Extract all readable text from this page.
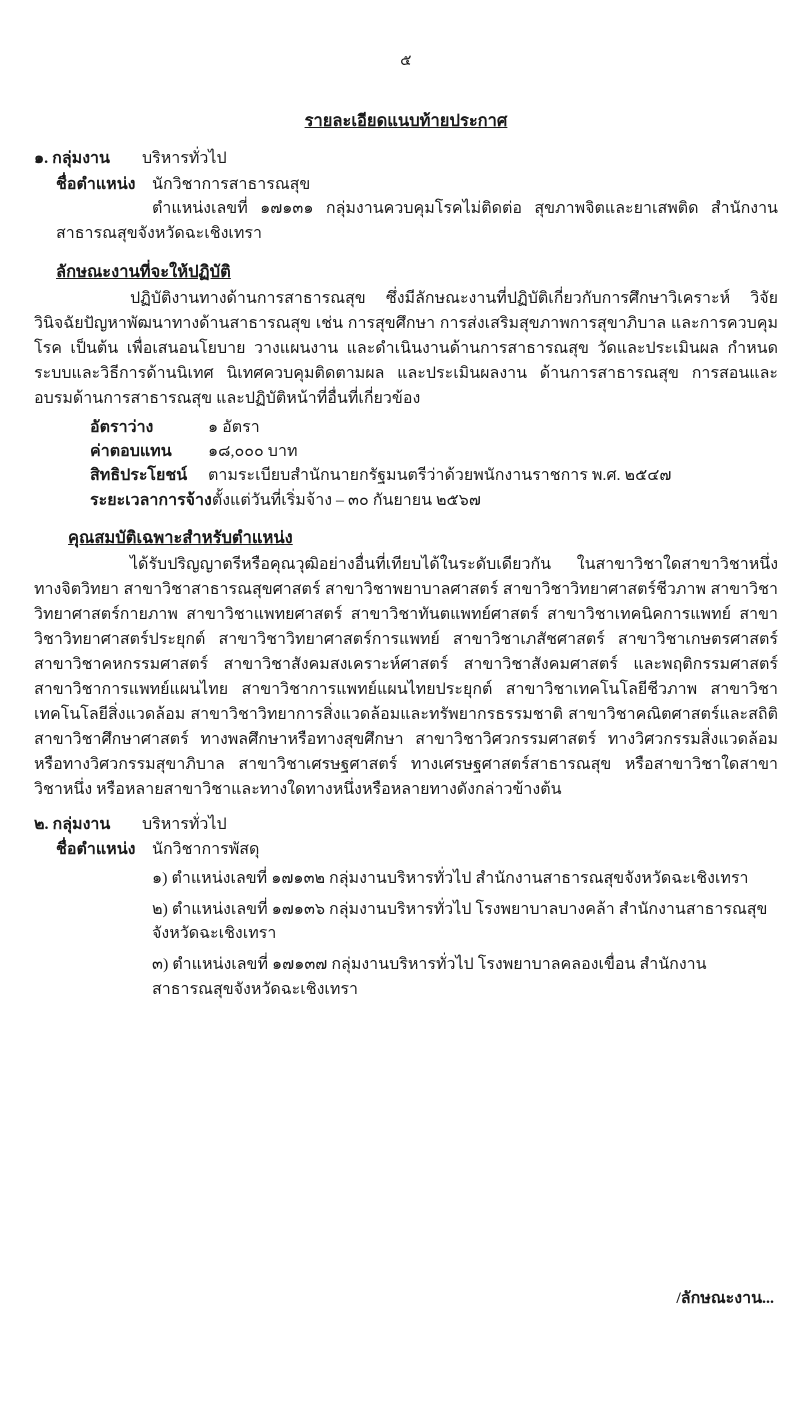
๕
รายละเอียดแนบท้ายประกาศ
๑. กลุ่มงาน	บริหารทั่วไป
ชื่อตำแหน่ง	นักวิชาการสาธารณสุข
ตำแหน่งเลขที่ ๑๗๑๓๑ กลุ่มงานควบคุมโรคไม่ติดต่อ สุขภาพจิตและยาเสพติด สำนักงานสาธารณสุขจังหวัดฉะเชิงเทรา
ลักษณะงานที่จะให้ปฏิบัติ
ปฏิบัติงานทางด้านการสาธารณสุข ซึ่งมีลักษณะงานที่ปฏิบัติเกี่ยวกับการศึกษาวิเคราะห์ วิจัย วินิจฉัยปัญหาพัฒนาทางด้านสาธารณสุข เช่น การสุขศึกษา การส่งเสริมสุขภาพการสุขาภิบาล และการควบคุมโรค เป็นต้น เพื่อเสนอนโยบาย วางแผนงาน และดำเนินงานด้านการสาธารณสุข วัดและประเมินผล กำหนดระบบและวิธีการด้านนิเทศ นิเทศควบคุมติดตามผล และประเมินผลงาน ด้านการสาธารณสุข การสอนและอบรมด้านการสาธารณสุข และปฏิบัติหน้าที่อื่นที่เกี่ยวข้อง
อัตราว่าง	๑ อัตรา
ค่าตอบแทน	๑๘,๐๐๐ บาท
สิทธิประโยชน์	ตามระเบียบสำนักนายกรัฐมนตรีว่าด้วยพนักงานราชการ พ.ศ. ๒๕๔๗
ระยะเวลาการจ้าง ตั้งแต่วันที่เริ่มจ้าง – ๓๐ กันยายน ๒๕๖๗
คุณสมบัติเฉพาะสำหรับตำแหน่ง
ได้รับปริญญาตรีหรือคุณวุฒิอย่างอื่นที่เทียบได้ในระดับเดียวกัน ในสาขาวิชาใดสาขาวิชาหนึ่งทางจิตวิทยา สาขาวิชาสาธารณสุขศาสตร์ สาขาวิชาพยาบาลศาสตร์ สาขาวิชาวิทยาศาสตร์ชีวภาพ สาขาวิชาวิทยาศาสตร์กายภาพ สาขาวิชาแพทยศาสตร์ สาขาวิชาทันตแพทย์ศาสตร์ สาขาวิชาเทคนิคการแพทย์ สาขาวิชาวิทยาศาสตร์ประยุกต์ สาขาวิชาวิทยาศาสตร์การแพทย์ สาขาวิชาเภสัชศาสตร์ สาขาวิชาเกษตรศาสตร์ สาขาวิชาคหกรรมศาสตร์ สาขาวิชาสังคมสงเคราะห์ศาสตร์ สาขาวิชาสังคมศาสตร์ และพฤติกรรมศาสตร์ สาขาวิชาการแพทย์แผนไทย สาขาวิชาการแพทย์แผนไทยประยุกต์ สาขาวิชาเทคโนโลยีชีวภาพ สาขาวิชาเทคโนโลยีสิ่งแวดล้อม สาขาวิชาวิทยาการสิ่งแวดล้อมและทรัพยากรธรรมชาติ สาขาวิชาคณิตศาสตร์และสถิติ สาขาวิชาศึกษาศาสตร์ ทางพลศึกษาหรือทางสุขศึกษา สาขาวิชาวิศวกรรมศาสตร์ ทางวิศวกรรมสิ่งแวดล้อม หรือทางวิศวกรรมสุขาภิบาล สาขาวิชาเศรษฐศาสตร์ ทางเศรษฐศาสตร์สาธารณสุข หรือสาขาวิชาใดสาขาวิชาหนึ่ง หรือหลายสาขาวิชาและทางใดทางหนึ่งหรือหลายทางดังกล่าวข้างต้น
๒. กลุ่มงาน	บริหารทั่วไป
ชื่อตำแหน่ง	นักวิชาการพัสดุ
๑) ตำแหน่งเลขที่ ๑๗๑๓๒ กลุ่มงานบริหารทั่วไป สำนักงานสาธารณสุขจังหวัดฉะเชิงเทรา
๒) ตำแหน่งเลขที่ ๑๗๑๓๖ กลุ่มงานบริหารทั่วไป โรงพยาบาลบางคล้า สำนักงานสาธารณสุขจังหวัดฉะเชิงเทรา
๓) ตำแหน่งเลขที่ ๑๗๑๓๗ กลุ่มงานบริหารทั่วไป โรงพยาบาลคลองเขื่อน สำนักงานสาธารณสุขจังหวัดฉะเชิงเทรา
/ลักษณะงาน...
